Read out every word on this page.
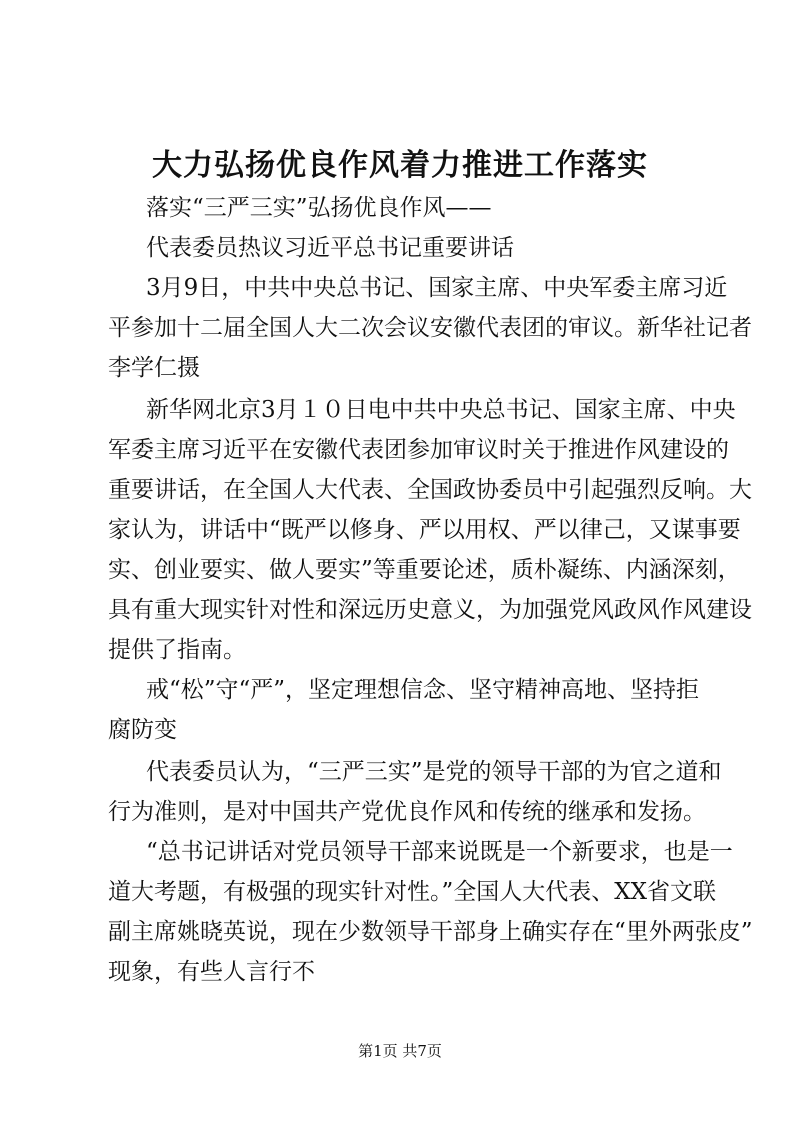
大力弘扬优良作风着力推进工作落实
落实“三严三实”弘扬优良作风——
代表委员热议习近平总书记重要讲话
3月9日，中共中央总书记、国家主席、中央军委主席习近
平参加十二届全国人大二次会议安徽代表团的审议。新华社记者
李学仁摄
新华网北京3月１０日电中共中央总书记、国家主席、中央
军委主席习近平在安徽代表团参加审议时关于推进作风建设的
重要讲话，在全国人大代表、全国政协委员中引起强烈反响。大
家认为，讲话中“既严以修身、严以用权、严以律己，又谋事要
实、创业要实、做人要实”等重要论述，质朴凝练、内涵深刻，
具有重大现实针对性和深远历史意义，为加强党风政风作风建设
提供了指南。
戒“松”守“严”，坚定理想信念、坚守精神高地、坚持拒
腐防变
代表委员认为，“三严三实”是党的领导干部的为官之道和
行为准则，是对中国共产党优良作风和传统的继承和发扬。
“总书记讲话对党员领导干部来说既是一个新要求，也是一
道大考题，有极强的现实针对性。”全国人大代表、XX省文联
副主席姚晓英说，现在少数领导干部身上确实存在“里外两张皮”
现象，有些人言行不
第1页 共7页
